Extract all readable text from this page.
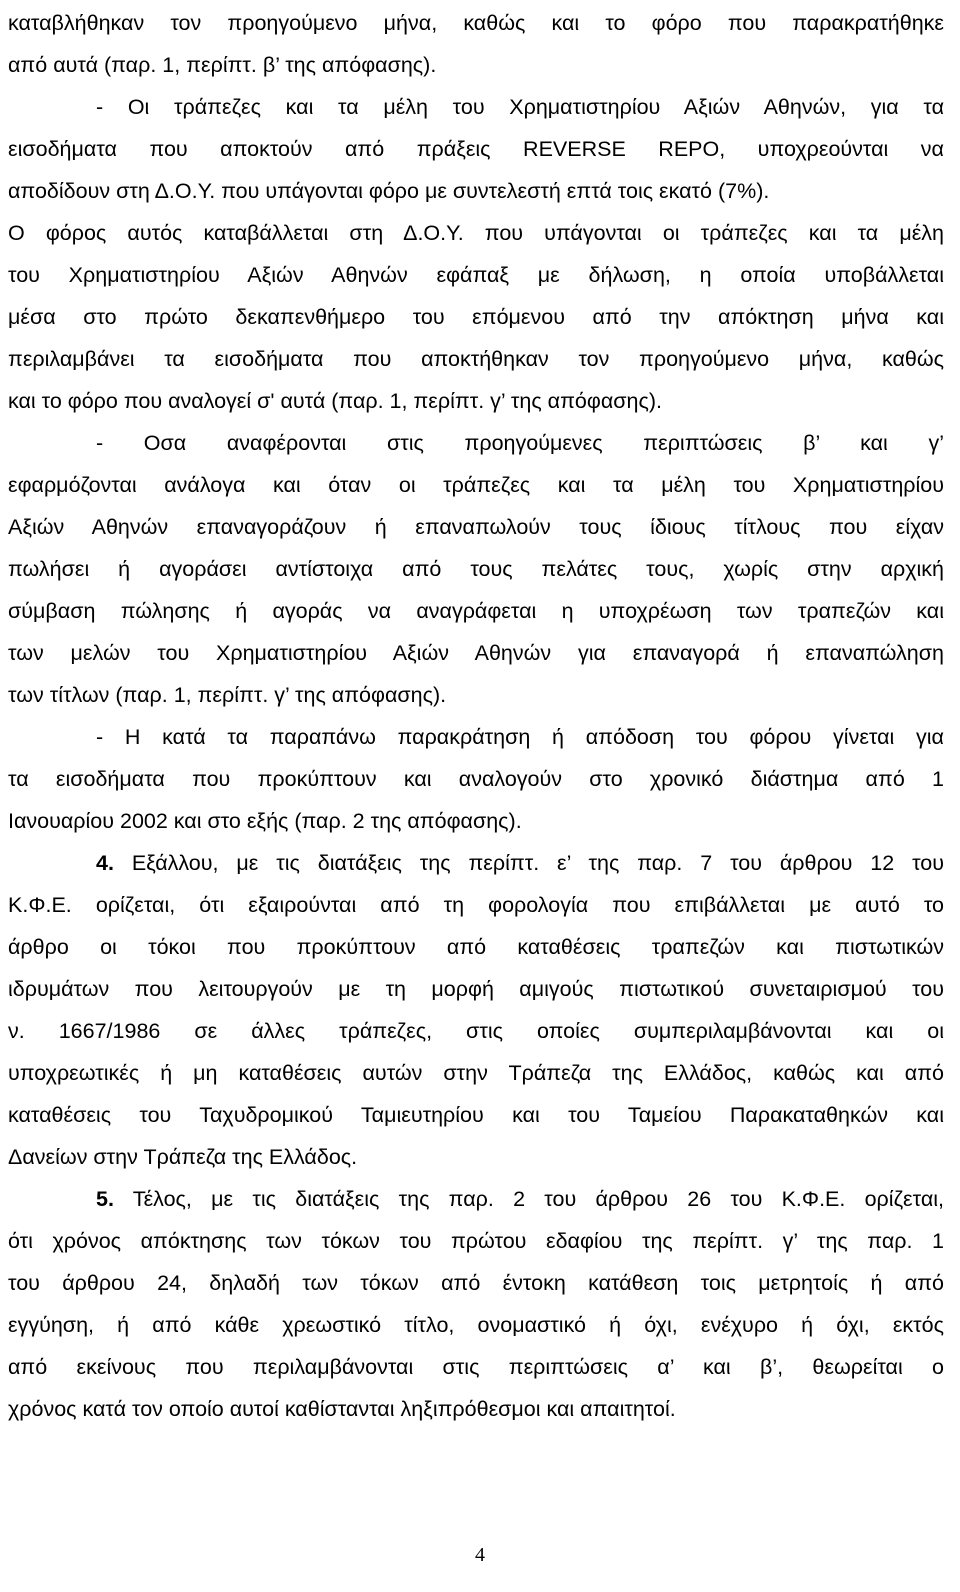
καταβλήθηκαν τον προηγούμενο μήνα, καθώς και το φόρο που παρακρατήθηκε
από αυτά (παρ. 1, περίπτ. β’ της απόφασης).
- Οι τράπεζες και τα μέλη του Χρηματιστηρίου Αξιών Αθηνών, για τα
εισοδήματα που αποκτούν από πράξεις REVERSE REPO, υποχρεούνται να
αποδίδουν στη Δ.Ο.Υ. που υπάγονται φόρο με συντελεστή επτά τοις εκατό (7%).
Ο φόρος αυτός καταβάλλεται στη Δ.Ο.Υ. που υπάγονται οι τράπεζες και τα μέλη
του Χρηματιστηρίου Αξιών Αθηνών εφάπαξ με δήλωση, η οποία υποβάλλεται
μέσα στο πρώτο δεκαπενθήμερο του επόμενου από την απόκτηση μήνα και
περιλαμβάνει τα εισοδήματα που αποκτήθηκαν τον προηγούμενο μήνα, καθώς
και το φόρο που αναλογεί σ' αυτά (παρ. 1, περίπτ. γ’ της απόφασης).
- Οσα αναφέρονται στις προηγούμενες περιπτώσεις β’ και γ’
εφαρμόζονται ανάλογα και όταν οι τράπεζες και τα μέλη του Χρηματιστηρίου
Αξιών Αθηνών επαναγοράζουν ή επαναπωλούν τους ίδιους τίτλους που είχαν
πωλήσει ή αγοράσει αντίστοιχα από τους πελάτες τους, χωρίς στην αρχική
σύμβαση πώλησης ή αγοράς να αναγράφεται η υποχρέωση των τραπεζών και
των μελών του Χρηματιστηρίου Αξιών Αθηνών για επαναγορά ή επαναπώληση
των τίτλων (παρ. 1, περίπτ. γ’ της απόφασης).
- Η κατά τα παραπάνω παρακράτηση ή απόδοση του φόρου γίνεται για
τα εισοδήματα που προκύπτουν και αναλογούν στο χρονικό διάστημα από 1
Ιανουαρίου 2002 και στο εξής (παρ. 2 της απόφασης).
4. Εξάλλου, με τις διατάξεις της περίπτ. ε’ της παρ. 7 του άρθρου 12 του
Κ.Φ.Ε. ορίζεται, ότι εξαιρούνται από τη φορολογία που επιβάλλεται με αυτό το
άρθρο οι τόκοι που προκύπτουν από καταθέσεις τραπεζών και πιστωτικών
ιδρυμάτων που λειτουργούν με τη μορφή αμιγούς πιστωτικού συνεταιρισμού του
ν. 1667/1986 σε άλλες τράπεζες, στις οποίες συμπεριλαμβάνονται και οι
υποχρεωτικές ή μη καταθέσεις αυτών στην Τράπεζα της Ελλάδος, καθώς και από
καταθέσεις του Ταχυδρομικού Ταμιευτηρίου και του Ταμείου Παρακαταθηκών και
Δανείων στην Τράπεζα της Ελλάδος.
5. Τέλος, με τις διατάξεις της παρ. 2 του άρθρου 26 του Κ.Φ.Ε. ορίζεται,
ότι χρόνος απόκτησης των τόκων του πρώτου εδαφίου της περίπτ. γ’ της παρ. 1
του άρθρου 24, δηλαδή των τόκων από έντοκη κατάθεση τοις μετρητοίς ή από
εγγύηση, ή από κάθε χρεωστικό τίτλο, ονομαστικό ή όχι, ενέχυρο ή όχι, εκτός
από εκείνους που περιλαμβάνονται στις περιπτώσεις α’ και β’, θεωρείται ο
χρόνος κατά τον οποίο αυτοί καθίστανται ληξιπρόθεσμοι και απαιτητοί.
4
